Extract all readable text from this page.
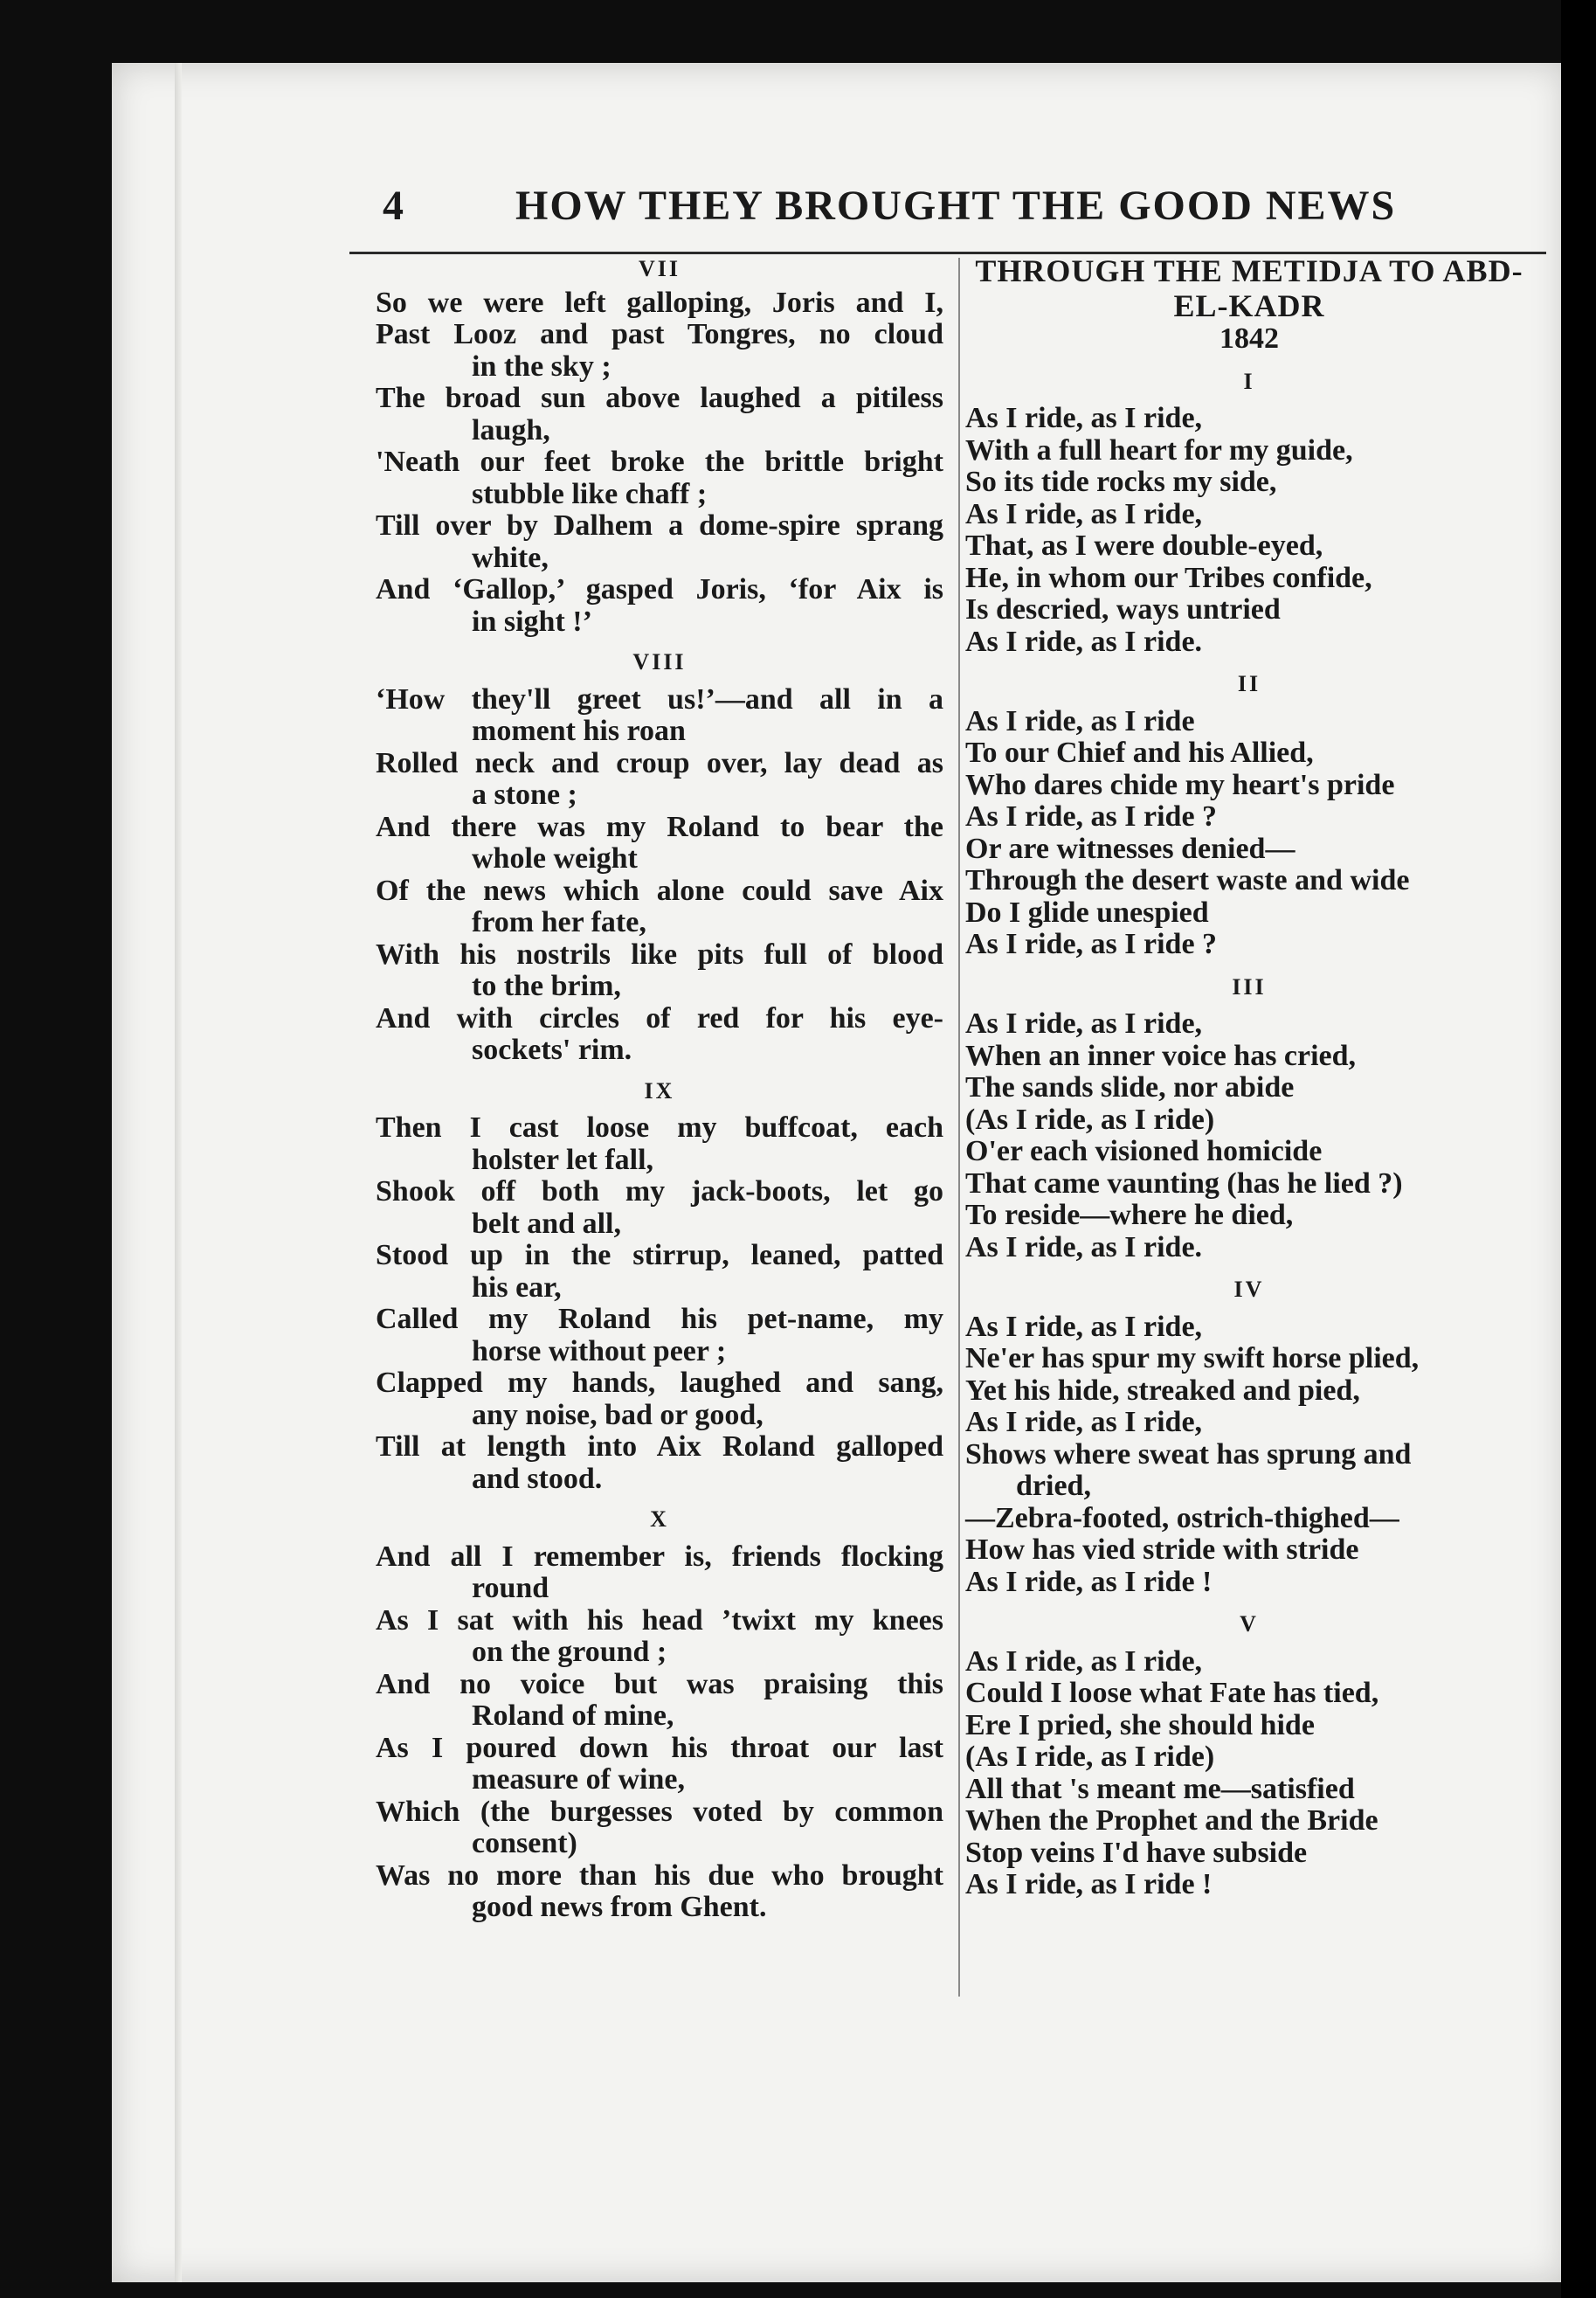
4	HOW THEY BROUGHT THE GOOD NEWS
VII
So we were left galloping, Joris and I,
Past Looz and past Tongres, no cloud
in the sky ;
The broad sun above laughed a pitiless
laugh,
'Neath our feet broke the brittle bright
stubble like chaff ;
Till over by Dalhem a dome-spire sprang
white,
And ‘Gallop,’ gasped Joris, ‘for Aix is
in sight !’
VIII
‘How they'll greet us!’—and all in a
moment his roan
Rolled neck and croup over, lay dead as
a stone ;
And there was my Roland to bear the
whole weight
Of the news which alone could save Aix
from her fate,
With his nostrils like pits full of blood
to the brim,
And with circles of red for his eye-
sockets' rim.
IX
Then I cast loose my buffcoat, each
holster let fall,
Shook off both my jack-boots, let go
belt and all,
Stood up in the stirrup, leaned, patted
his ear,
Called my Roland his pet-name, my
horse without peer ;
Clapped my hands, laughed and sang,
any noise, bad or good,
Till at length into Aix Roland galloped
and stood.
X
And all I remember is, friends flocking
round
As I sat with his head ’twixt my knees
on the ground ;
And no voice but was praising this
Roland of mine,
As I poured down his throat our last
measure of wine,
Which (the burgesses voted by common
consent)
Was no more than his due who brought
good news from Ghent.
THROUGH THE METIDJA TO ABD-
EL-KADR
1842
I
As I ride, as I ride,
With a full heart for my guide,
So its tide rocks my side,
As I ride, as I ride,
That, as I were double-eyed,
He, in whom our Tribes confide,
Is descried, ways untried
As I ride, as I ride.
II
As I ride, as I ride
To our Chief and his Allied,
Who dares chide my heart's pride
As I ride, as I ride ?
Or are witnesses denied—
Through the desert waste and wide
Do I glide unespied
As I ride, as I ride ?
III
As I ride, as I ride,
When an inner voice has cried,
The sands slide, nor abide
(As I ride, as I ride)
O'er each visioned homicide
That came vaunting (has he lied ?)
To reside—where he died,
As I ride, as I ride.
IV
As I ride, as I ride,
Ne'er has spur my swift horse plied,
Yet his hide, streaked and pied,
As I ride, as I ride,
Shows where sweat has sprung and
dried,
—Zebra-footed, ostrich-thighed—
How has vied stride with stride
As I ride, as I ride !
V
As I ride, as I ride,
Could I loose what Fate has tied,
Ere I pried, she should hide
(As I ride, as I ride)
All that 's meant me—satisfied
When the Prophet and the Bride
Stop veins I'd have subside
As I ride, as I ride !
